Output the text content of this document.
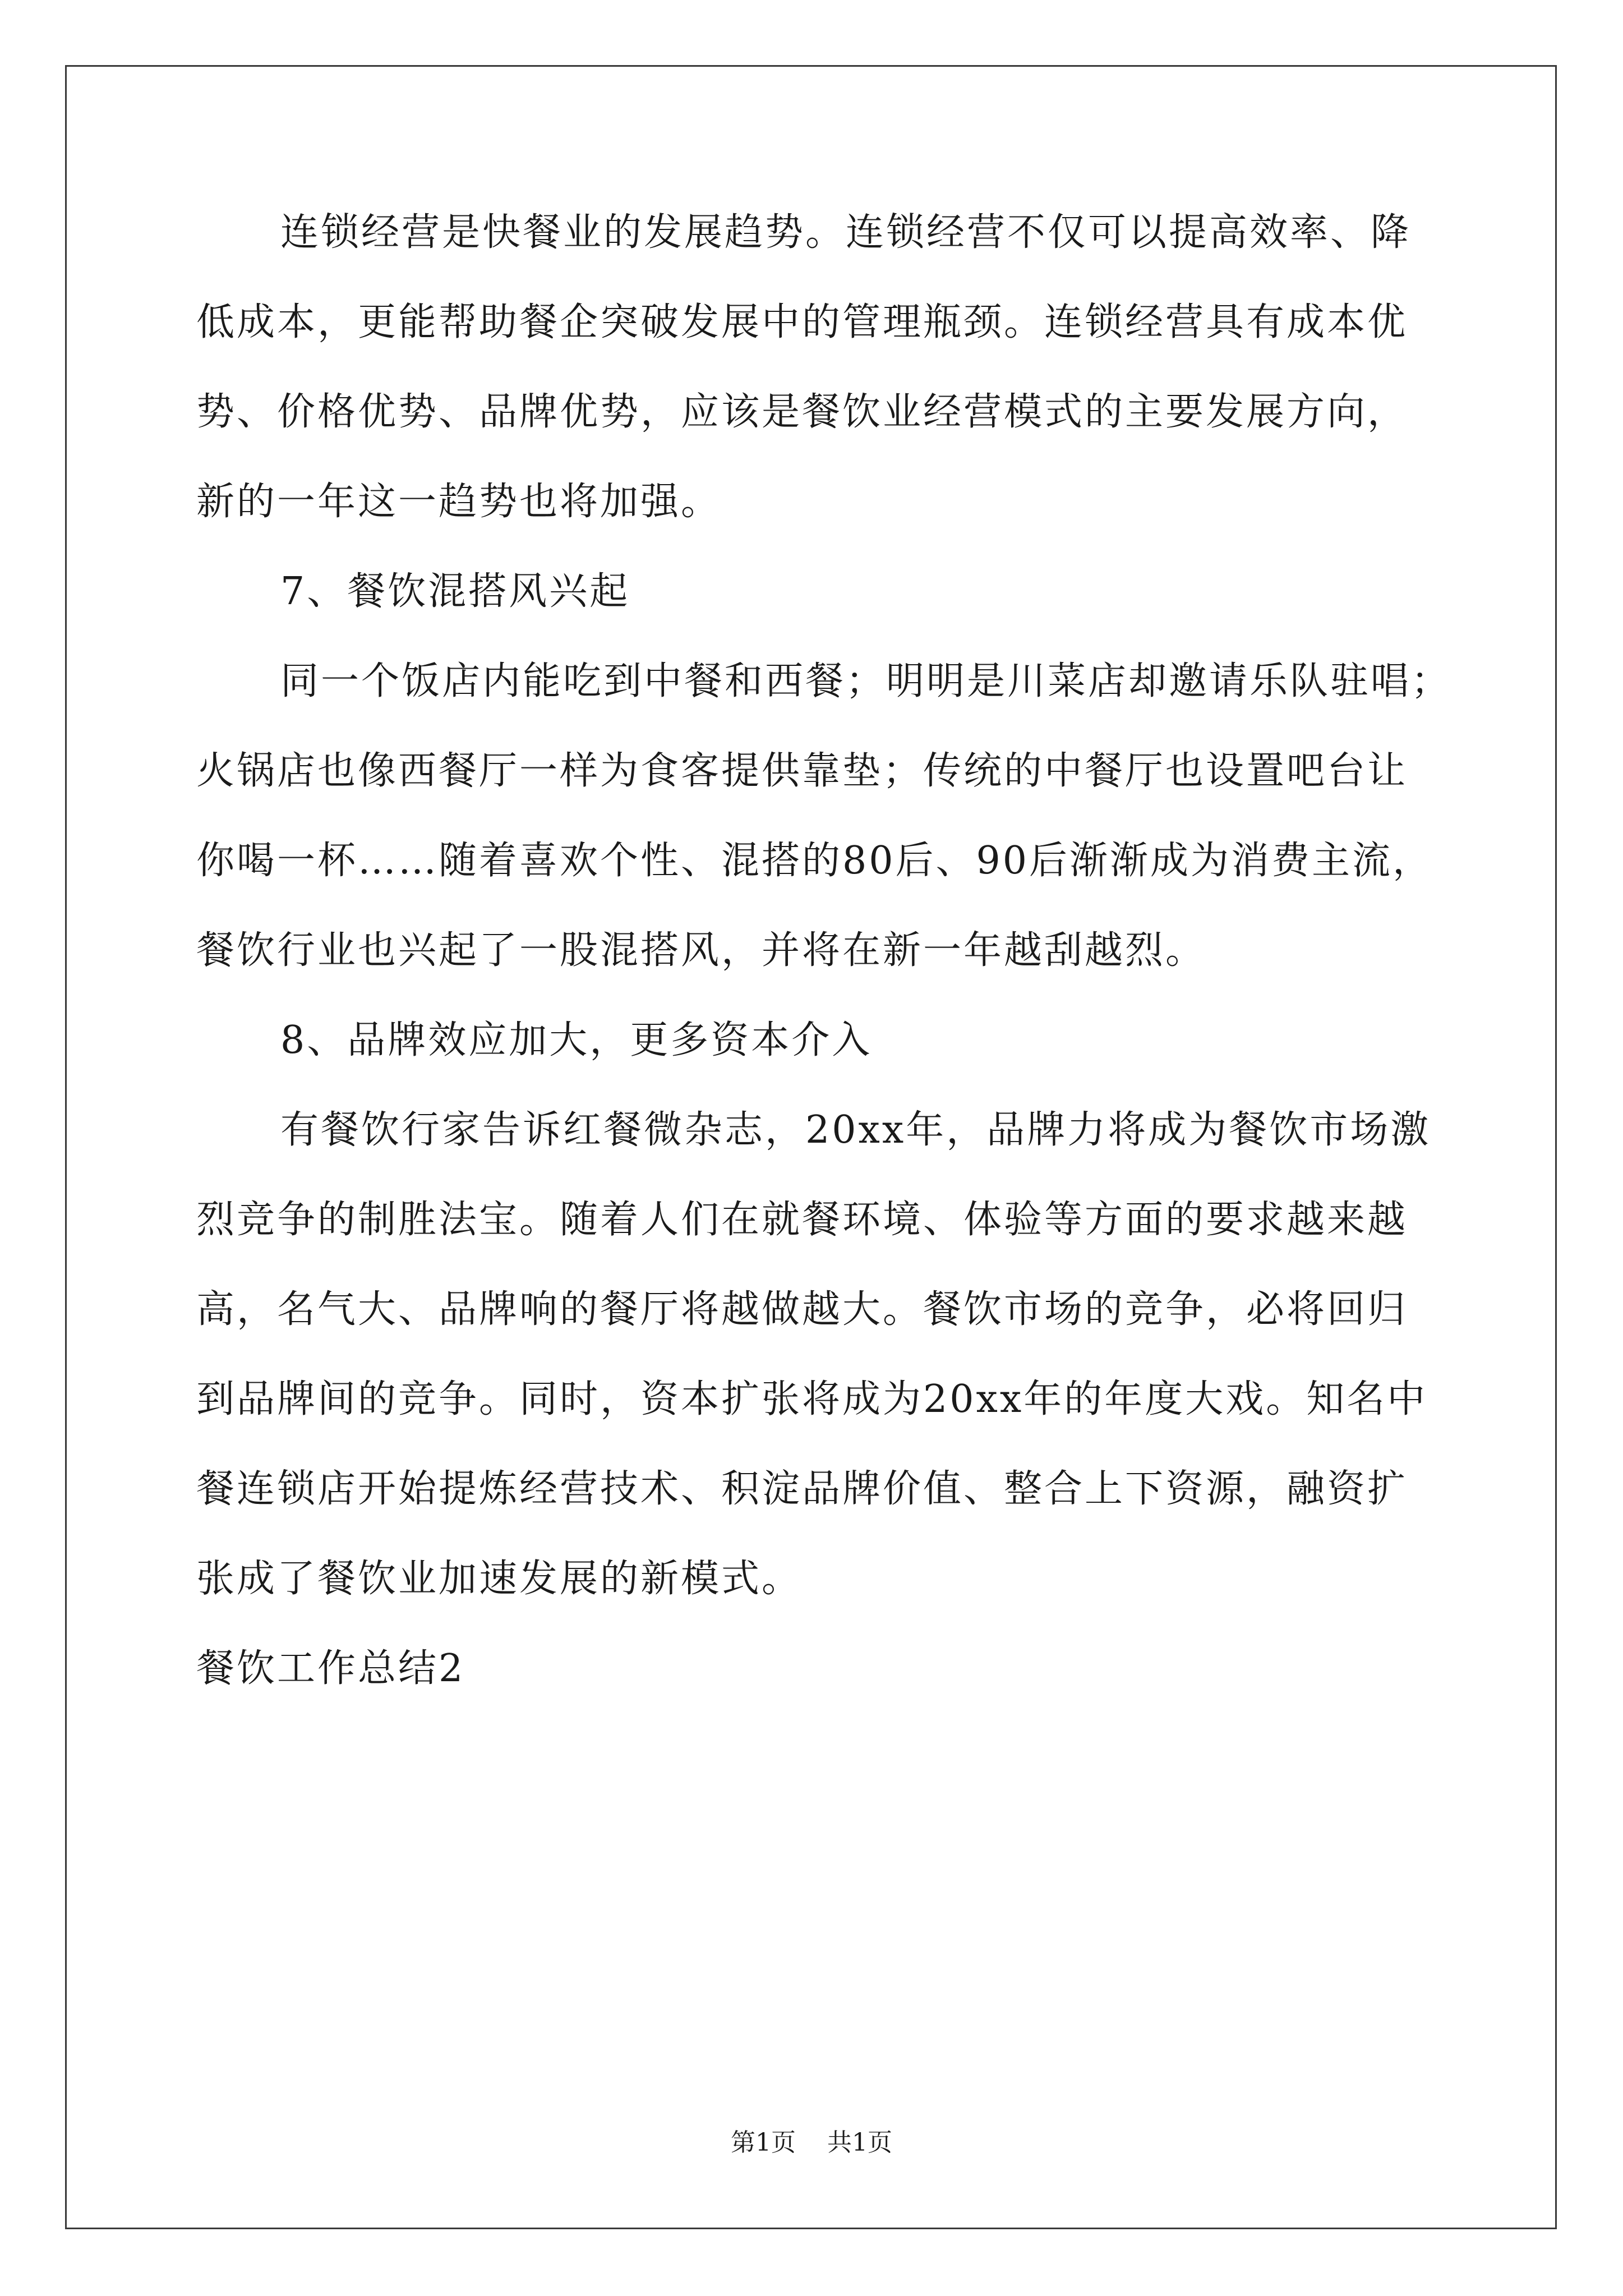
连锁经营是快餐业的发展趋势。连锁经营不仅可以提高效率、降
低成本，更能帮助餐企突破发展中的管理瓶颈。连锁经营具有成本优
势、价格优势、品牌优势，应该是餐饮业经营模式的主要发展方向，
新的一年这一趋势也将加强。
7、餐饮混搭风兴起
同一个饭店内能吃到中餐和西餐；明明是川菜店却邀请乐队驻唱；
火锅店也像西餐厅一样为食客提供靠垫；传统的中餐厅也设置吧台让
你喝一杯……随着喜欢个性、混搭的80后、90后渐渐成为消费主流，
餐饮行业也兴起了一股混搭风，并将在新一年越刮越烈。
8、品牌效应加大，更多资本介入
有餐饮行家告诉红餐微杂志，20xx年，品牌力将成为餐饮市场激
烈竞争的制胜法宝。随着人们在就餐环境、体验等方面的要求越来越
高，名气大、品牌响的餐厅将越做越大。餐饮市场的竞争，必将回归
到品牌间的竞争。同时，资本扩张将成为20xx年的年度大戏。知名中
餐连锁店开始提炼经营技术、积淀品牌价值、整合上下资源，融资扩
张成了餐饮业加速发展的新模式。
餐饮工作总结2
第1页 共1页
